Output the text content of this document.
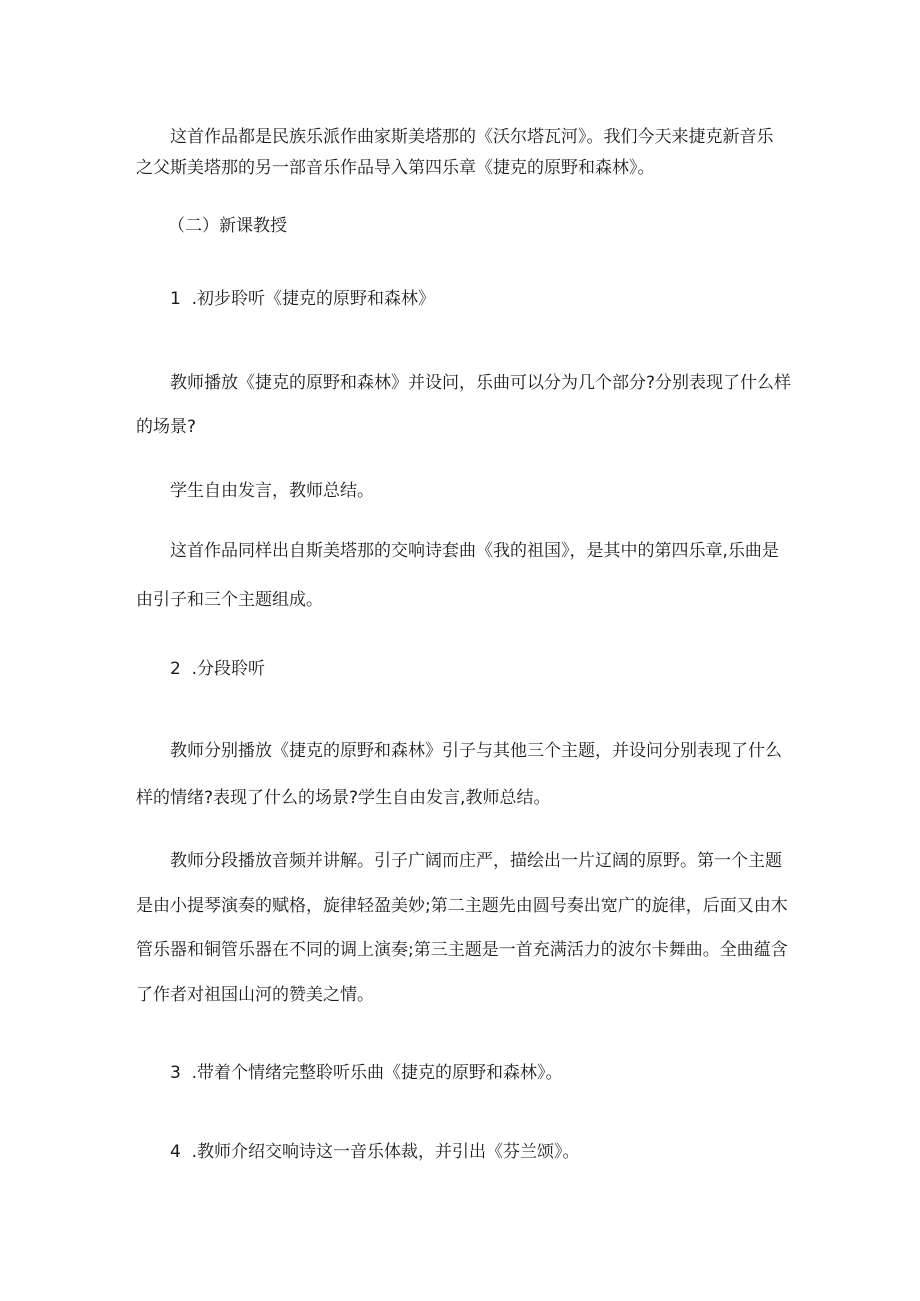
这首作品都是民族乐派作曲家斯美塔那的《沃尔塔瓦河》。我们今天来捷克新音乐
之父斯美塔那的另一部音乐作品导入第四乐章《捷克的原野和森林》。
（二）新课教授
1  .初步聆听《捷克的原野和森林》
教师播放《捷克的原野和森林》并设问，乐曲可以分为几个部分?分别表现了什么样
的场景?
学生自由发言，教师总结。
这首作品同样出自斯美塔那的交响诗套曲《我的祖国》，是其中的第四乐章,乐曲是
由引子和三个主题组成。
2  .分段聆听
教师分别播放《捷克的原野和森林》引子与其他三个主题，并设问分别表现了什么
样的情绪?表现了什么的场景?学生自由发言,教师总结。
教师分段播放音频并讲解。引子广阔而庄严，描绘出一片辽阔的原野。第一个主题
是由小提琴演奏的赋格，旋律轻盈美妙;第二主题先由圆号奏出宽广的旋律，后面又由木
管乐器和铜管乐器在不同的调上演奏;第三主题是一首充满活力的波尔卡舞曲。全曲蕴含
了作者对祖国山河的赞美之情。
3  .带着个情绪完整聆听乐曲《捷克的原野和森林》。
4  .教师介绍交响诗这一音乐体裁，并引出《芬兰颂》。
